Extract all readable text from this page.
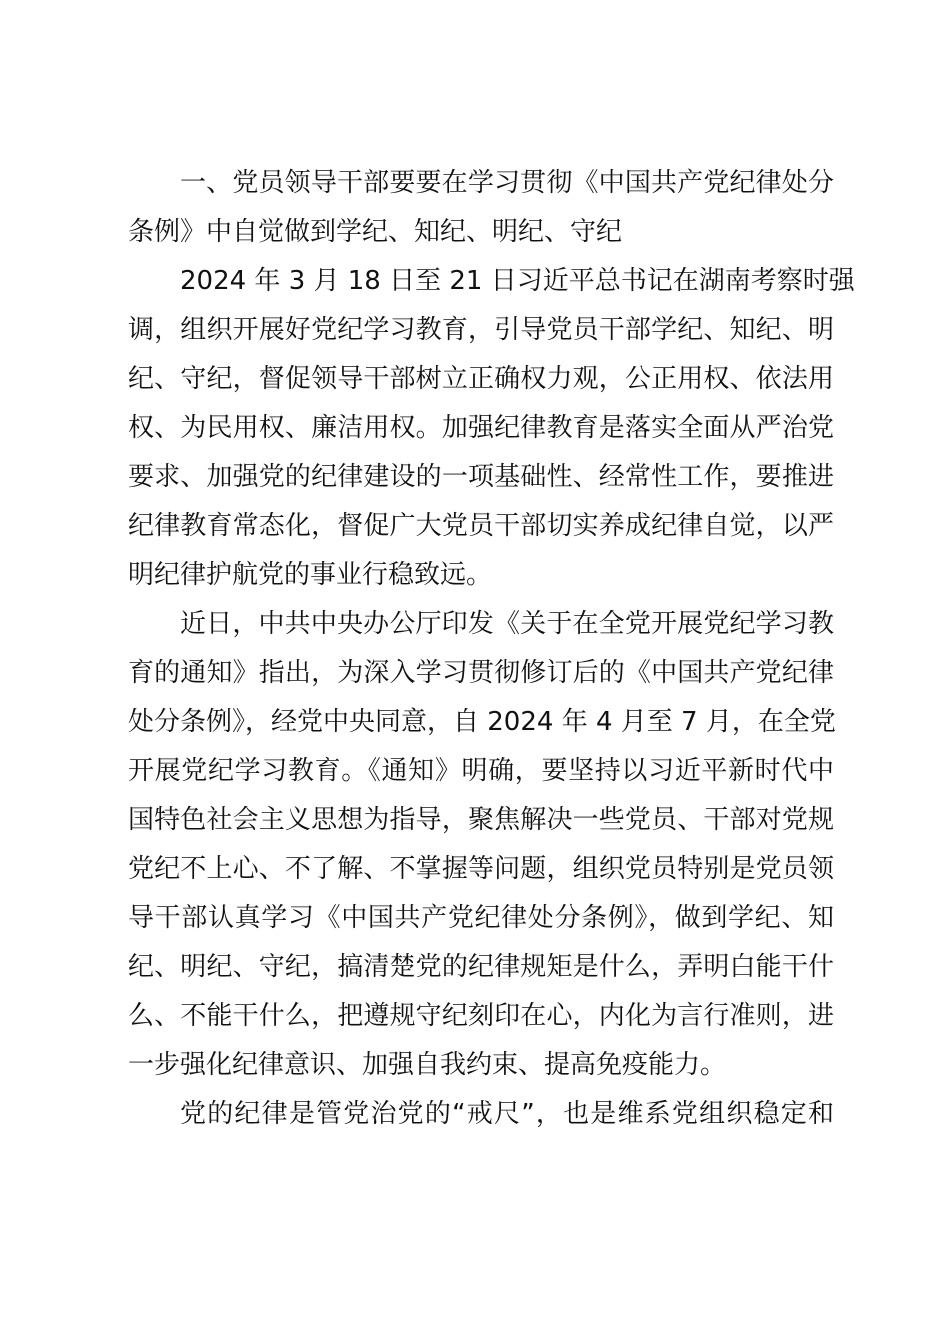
一、党员领导干部要要在学习贯彻《中国共产党纪律处分
条例》中自觉做到学纪、知纪、明纪、守纪
2024 年 3 月 18 日至 21 日习近平总书记在湖南考察时强
调，组织开展好党纪学习教育，引导党员干部学纪、知纪、明
纪、守纪，督促领导干部树立正确权力观，公正用权、依法用
权、为民用权、廉洁用权。加强纪律教育是落实全面从严治党
要求、加强党的纪律建设的一项基础性、经常性工作，要推进
纪律教育常态化，督促广大党员干部切实养成纪律自觉，以严
明纪律护航党的事业行稳致远。
近日，中共中央办公厅印发《关于在全党开展党纪学习教
育的通知》指出，为深入学习贯彻修订后的《中国共产党纪律
处分条例》，经党中央同意，自 2024 年 4 月至 7 月，在全党
开展党纪学习教育。《通知》明确，要坚持以习近平新时代中
国特色社会主义思想为指导，聚焦解决一些党员、干部对党规
党纪不上心、不了解、不掌握等问题，组织党员特别是党员领
导干部认真学习《中国共产党纪律处分条例》，做到学纪、知
纪、明纪、守纪，搞清楚党的纪律规矩是什么，弄明白能干什
么、不能干什么，把遵规守纪刻印在心，内化为言行准则，进
一步强化纪律意识、加强自我约束、提高免疫能力。
党的纪律是管党治党的“戒尺”，也是维系党组织稳定和
